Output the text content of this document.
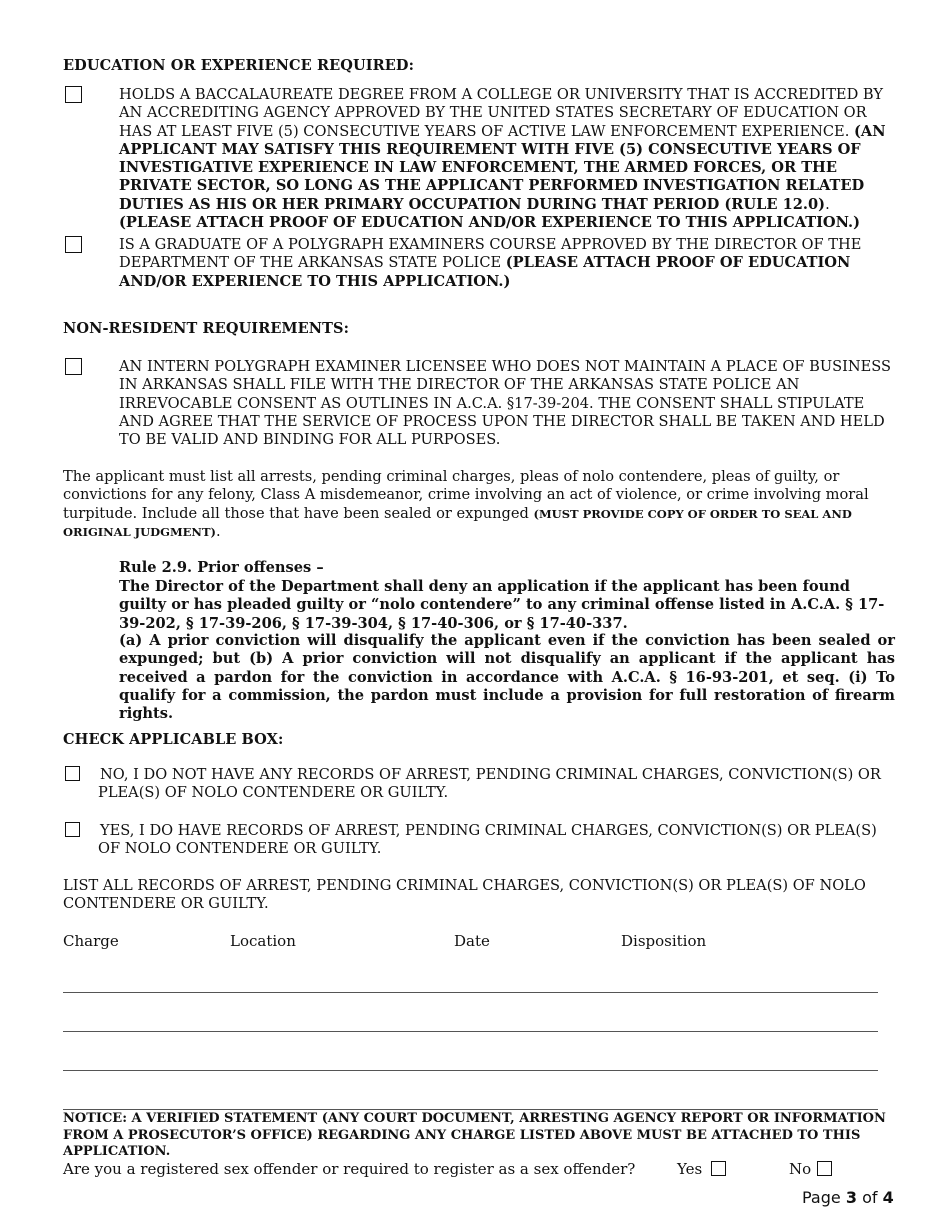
EDUCATION OR EXPERIENCE REQUIRED:
HOLDS A BACCALAUREATE DEGREE FROM A COLLEGE OR UNIVERSITY THAT IS ACCREDITED BY AN ACCREDITING AGENCY APPROVED BY THE UNITED STATES SECRETARY OF EDUCATION OR HAS AT LEAST FIVE (5) CONSECUTIVE YEARS OF ACTIVE LAW ENFORCEMENT EXPERIENCE. (AN APPLICANT MAY SATISFY THIS REQUIREMENT WITH FIVE (5) CONSECUTIVE YEARS OF INVESTIGATIVE EXPERIENCE IN LAW ENFORCEMENT, THE ARMED FORCES, OR THE PRIVATE SECTOR, SO LONG AS THE APPLICANT PERFORMED INVESTIGATION RELATED DUTIES AS HIS OR HER PRIMARY OCCUPATION DURING THAT PERIOD (RULE 12.0). (PLEASE ATTACH PROOF OF EDUCATION AND/OR EXPERIENCE TO THIS APPLICATION.)
IS A GRADUATE OF A POLYGRAPH EXAMINERS COURSE APPROVED BY THE DIRECTOR OF THE DEPARTMENT OF THE ARKANSAS STATE POLICE (PLEASE ATTACH PROOF OF EDUCATION AND/OR EXPERIENCE TO THIS APPLICATION.)
NON-RESIDENT REQUIREMENTS:
AN INTERN POLYGRAPH EXAMINER LICENSEE WHO DOES NOT MAINTAIN A PLACE OF BUSINESS IN ARKANSAS SHALL FILE WITH THE DIRECTOR OF THE ARKANSAS STATE POLICE AN IRREVOCABLE CONSENT AS OUTLINES IN A.C.A. §17-39-204. THE CONSENT SHALL STIPULATE AND AGREE THAT THE SERVICE OF PROCESS UPON THE DIRECTOR SHALL BE TAKEN AND HELD TO BE VALID AND BINDING FOR ALL PURPOSES.
The applicant must list all arrests, pending criminal charges, pleas of nolo contendere, pleas of guilty, or convictions for any felony, Class A misdemeanor, crime involving an act of violence, or crime involving moral turpitude. Include all those that have been sealed or expunged (MUST PROVIDE COPY OF ORDER TO SEAL AND ORIGINAL JUDGMENT).
Rule 2.9. Prior offenses –
The Director of the Department shall deny an application if the applicant has been found guilty or has pleaded guilty or “nolo contendere” to any criminal offense listed in A.C.A. § 17-39-202, § 17-39-206, § 17-39-304, § 17-40-306, or § 17-40-337.
(a) A prior conviction will disqualify the applicant even if the conviction has been sealed or expunged; but (b) A prior conviction will not disqualify an applicant if the applicant has received a pardon for the conviction in accordance with A.C.A. § 16-93-201, et seq. (i) To qualify for a commission, the pardon must include a provision for full restoration of firearm rights.
CHECK APPLICABLE BOX:
NO, I DO NOT HAVE ANY RECORDS OF ARREST, PENDING CRIMINAL CHARGES, CONVICTION(S) OR PLEA(S) OF NOLO CONTENDERE OR GUILTY.
YES, I DO HAVE RECORDS OF ARREST, PENDING CRIMINAL CHARGES, CONVICTION(S) OR PLEA(S) OF NOLO CONTENDERE OR GUILTY.
LIST ALL RECORDS OF ARREST, PENDING CRIMINAL CHARGES, CONVICTION(S) OR PLEA(S) OF NOLO CONTENDERE OR GUILTY.
Charge	Location	Date	Disposition
NOTICE: A VERIFIED STATEMENT (ANY COURT DOCUMENT, ARRESTING AGENCY REPORT OR INFORMATION FROM A PROSECUTOR’S OFFICE) REGARDING ANY CHARGE LISTED ABOVE MUST BE ATTACHED TO THIS APPLICATION.
Are you a registered sex offender or required to register as a sex offender?	Yes	No
Page 3 of 4
